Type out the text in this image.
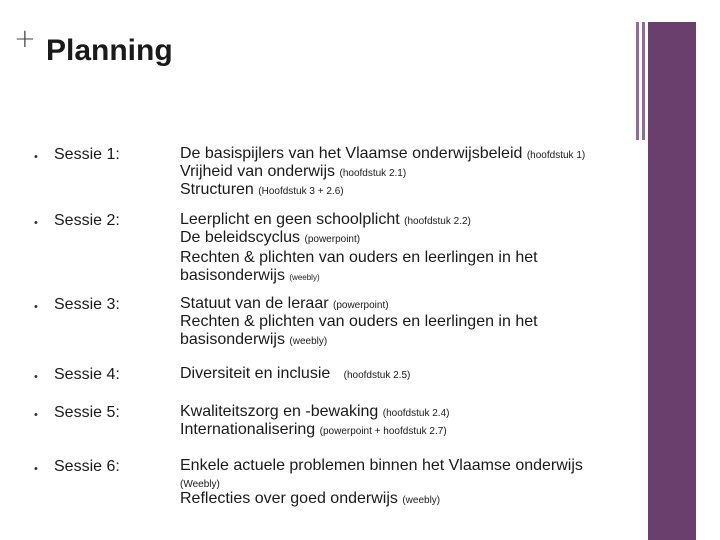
+ Planning
• Sessie 1:	De basispijlers van het Vlaamse onderwijsbeleid (hoofdstuk 1)
Vrijheid van onderwijs (hoofdstuk 2.1)
Structuren (Hoofdstuk 3 + 2.6)
• Sessie 2:	Leerplicht en geen schoolplicht (hoofdstuk 2.2)
De beleidscyclus (powerpoint)
Rechten & plichten van ouders en leerlingen in het
basisonderwijs (weebly)
• Sessie 3:	Statuut van de leraar (powerpoint)
Rechten & plichten van ouders en leerlingen in het
basisonderwijs (weebly)
• Sessie 4:	Diversiteit en inclusie   (hoofdstuk 2.5)
• Sessie 5:	Kwaliteitszorg en -bewaking (hoofdstuk 2.4)
Internationalisering (powerpoint + hoofdstuk 2.7)
• Sessie 6:	Enkele actuele problemen binnen het Vlaamse onderwijs
(Weebly)
Reflecties over goed onderwijs (weebly)
